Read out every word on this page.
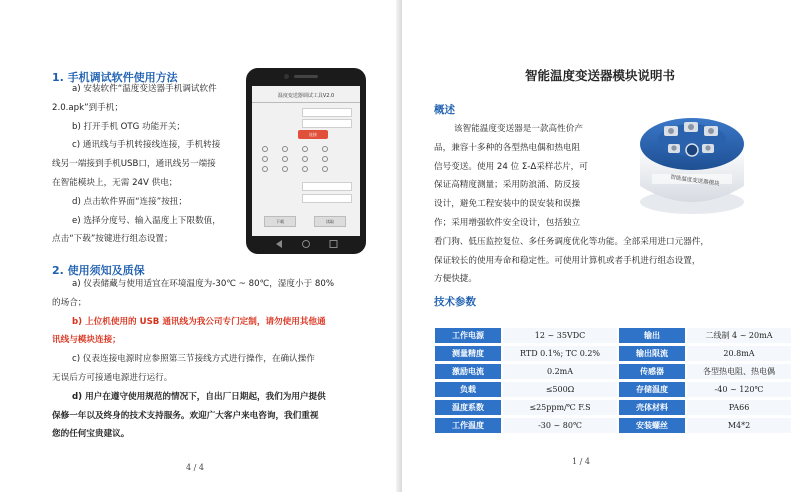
1. 手机调试软件使用方法
a) 安装软件“温度变送器手机调试软件
2.0.apk”到手机；
b) 打开手机 OTG 功能开关；
c) 通讯线与手机转接线连接，手机转接
线另一端接到手机USB口，通讯线另一端接
在智能模块上，无需 24V 供电；
d) 点击软件界面“连接”按扭；
e) 选择分度号、输入温度上下限数值，
点击“下载”按键进行组态设置；
温度变送器调试工具V2.0
连接
下载	读取
2. 使用须知及质保
a) 仪表储藏与使用适宜在环境温度为-30℃ ~ 80℃，湿度小于 80%
的场合；
b) 上位机使用的 USB 通讯线为我公司专门定制，请勿使用其他通
讯线与模块连接；
c) 仪表连接电源时应参照第三节接线方式进行操作，在确认操作
无误后方可接通电源进行运行。
d) 用户在遵守使用规范的情况下，自出厂日期起，我们为用户提供
保修一年以及终身的技术支持服务。欢迎广大客户来电咨询，我们重视
您的任何宝贵建议。
4 / 4
智能温度变送器模块说明书
概述
技术参数
1 / 4
该智能温度变送器是一款高性价产
品，兼容十多种的各型热电偶和热电阻
信号变送。使用 24 位 Σ-Δ采样芯片，可
保证高精度测量；采用防浪涌、防反接
设计，避免工程安装中的误安装和误操
作；采用增强软件安全设计，包括独立
看门狗、低压监控复位、多任务调度优化等功能。全部采用进口元器件，
保证较长的使用寿命和稳定性。可使用计算机或者手机进行组态设置，
方便快捷。
智能温度变送器模块
工作电源	12 ~ 35VDC	输出	二线制 4 ~ 20mA
测量精度	RTD 0.1%; TC 0.2%	输出限流	20.8mA
激励电流	0.2mA	传感器	各型热电阻、热电偶
负载	≤500Ω	存储温度	-40 ~ 120℃
温度系数	≤25ppm/℃ F.S	壳体材料	PA66
工作温度	-30 ~ 80℃	安装螺丝	M4*2
